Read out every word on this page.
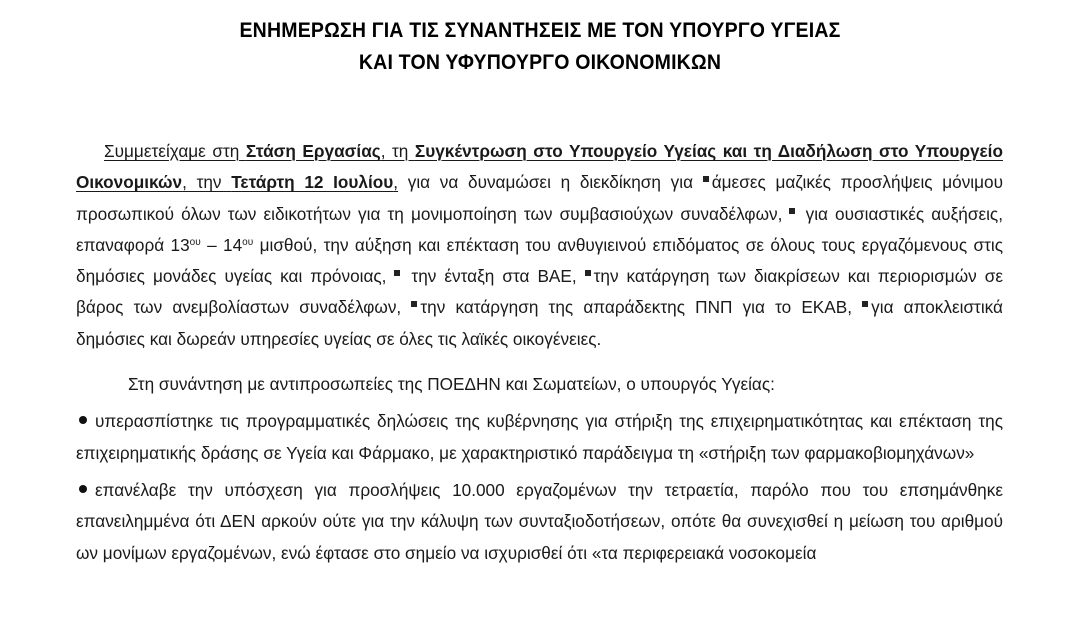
ΕΝΗΜΕΡΩΣΗ ΓΙΑ ΤΙΣ ΣΥΝΑΝΤΗΣΕΙΣ ΜΕ ΤΟΝ ΥΠΟΥΡΓΟ ΥΓΕΙΑΣ
ΚΑΙ ΤΟΝ ΥΦΥΠΟΥΡΓΟ ΟΙΚΟΝΟΜΙΚΩΝ

Συμμετείχαμε στη Στάση Εργασίας, τη Συγκέντρωση στο Υπουργείο Υγείας και τη Διαδήλωση στο Υπουργείο Οικονομικών, την Τετάρτη 12 Ιουλίου, για να δυναμώσει η διεκδίκηση για άμεσες μαζικές προσλήψεις μόνιμου προσωπικού όλων των ειδικοτήτων για τη μονιμοποίηση των συμβασιούχων συναδέλφων,  για ουσιαστικές αυξήσεις, επαναφορά $13^{o\upsilon} - 14^{o\upsilon}$ μισθού, την αύξηση και επέκταση του ανθυγιεινού επιδόματος σε όλους τους εργαζόμενους στις δημόσιες μονάδες υγείας και πρόνοιας,  την ένταξη στα ΒΑΕ, την κατάργηση των διακρίσεων και περιορισμών σε βάρος των ανεμβολίαστων συναδέλφων, την κατάργηση της απαράδεκτης ΠΝΠ για το ΕΚΑΒ, για αποκλειστικά δημόσιες και δωρεάν υπηρεσίες υγείας σε όλες τις λαϊκές οικογένειες.

Στη συνάντηση με αντιπροσωπείες της ΠΟΕΔΗΝ και Σωματείων, ο υπουργός Υγείας:

υπερασπίστηκε τις προγραμματικές δηλώσεις της κυβέρνησης για στήριξη της επιχειρηματικότητας και επέκταση της επιχειρηματικής δράσης σε Υγεία και Φάρμακο, με χαρακτηριστικό παράδειγμα τη «στήριξη των φαρμακοβιομηχάνων»

επανέλαβε την υπόσχεση για προσλήψεις 10.000 εργαζομένων την τετραετία, παρόλο που του επσημάνθηκε επανειλημμένα ότι ΔΕΝ αρκούν ούτε για την κάλυψη των συνταξιοδοτήσεων, οπότε θα συνεχισθεί η μείωση του αριθμού ων μονίμων εργαζομένων, ενώ έφτασε στο σημείο να ισχυρισθεί ότι «τα περιφερειακά νοσοκομεία
